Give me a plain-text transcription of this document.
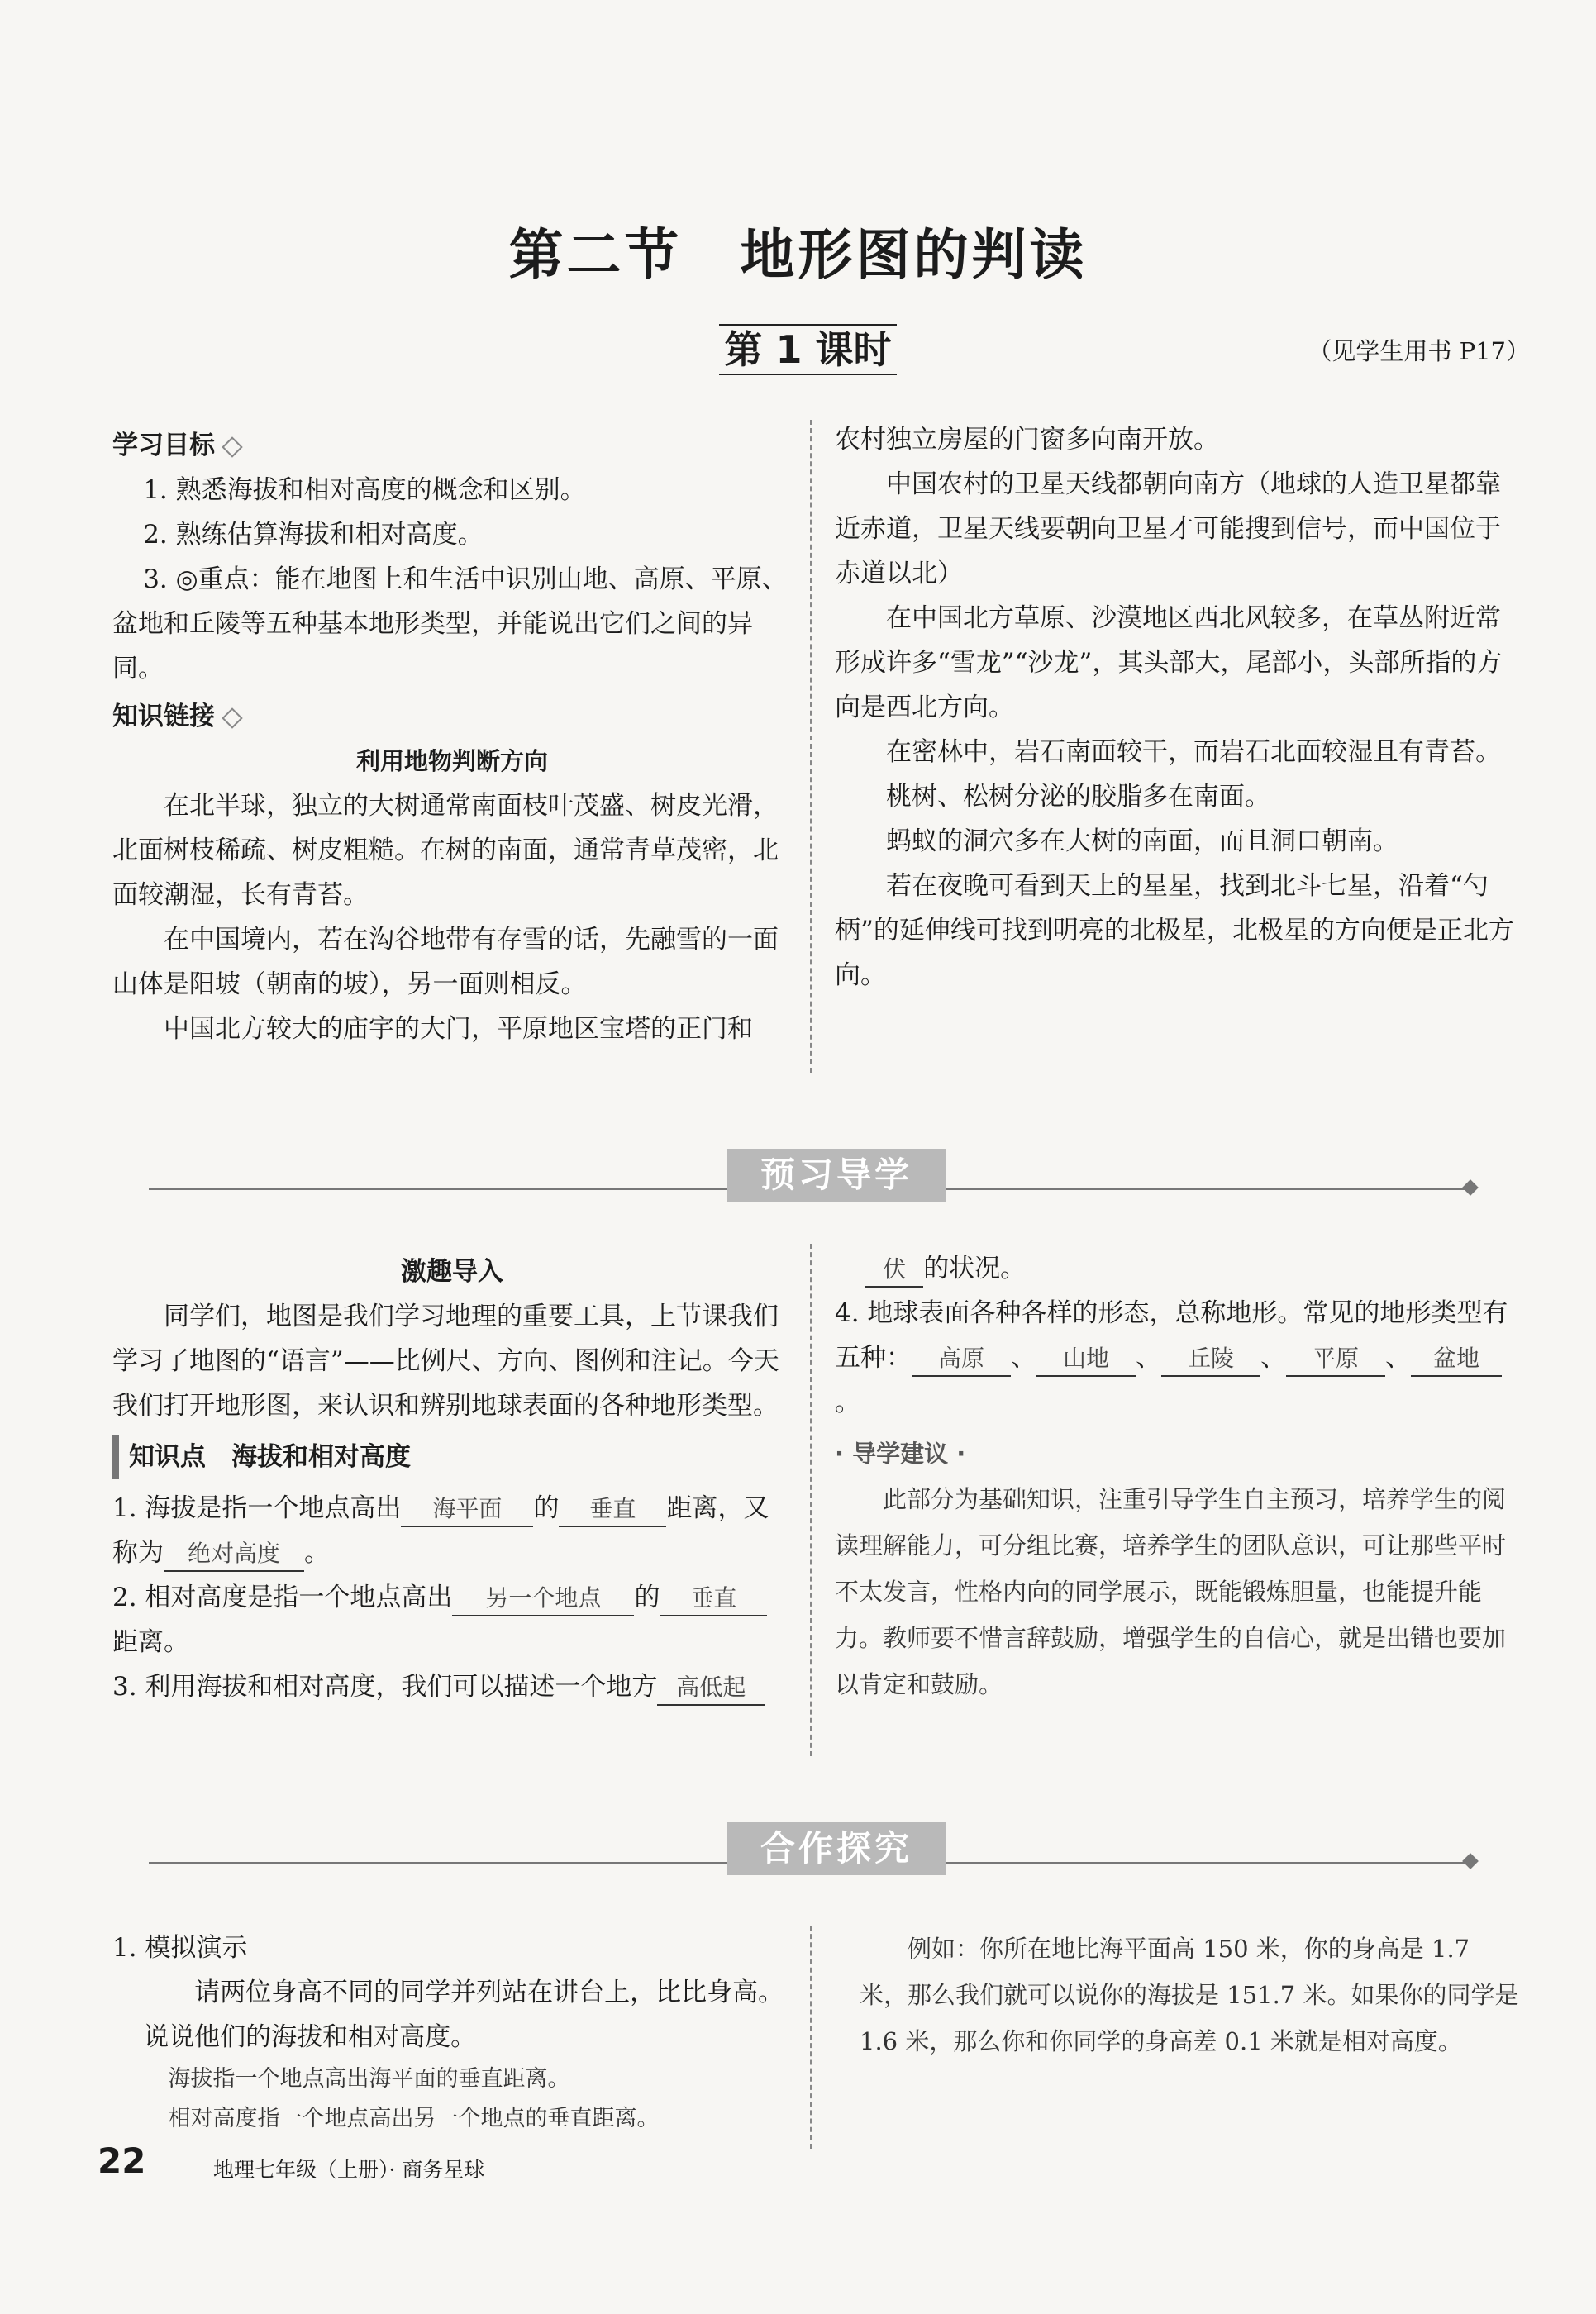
第二节　地形图的判读
第 1 课时	（见学生用书 P17）
学习目标

1. 熟悉海拔和相对高度的概念和区别。

2. 熟练估算海拔和相对高度。

3. ◎重点：能在地图上和生活中识别山地、高原、平原、盆地和丘陵等五种基本地形类型，并能说出它们之间的异同。

知识链接
利用地物判断方向

在北半球，独立的大树通常南面枝叶茂盛、树皮光滑，北面树枝稀疏、树皮粗糙。在树的南面，通常青草茂密，北面较潮湿，长有青苔。

在中国境内，若在沟谷地带有存雪的话，先融雪的一面山体是阳坡（朝南的坡），另一面则相反。

中国北方较大的庙宇的大门，平原地区宝塔的正门和

农村独立房屋的门窗多向南开放。

中国农村的卫星天线都朝向南方（地球的人造卫星都靠近赤道，卫星天线要朝向卫星才可能搜到信号，而中国位于赤道以北）

在中国北方草原、沙漠地区西北风较多，在草丛附近常形成许多“雪龙”“沙龙”，其头部大，尾部小，头部所指的方向是西北方向。

在密林中，岩石南面较干，而岩石北面较湿且有青苔。

桃树、松树分泌的胶脂多在南面。

蚂蚁的洞穴多在大树的南面，而且洞口朝南。

若在夜晚可看到天上的星星，找到北斗七星，沿着“勺柄”的延伸线可找到明亮的北极星，北极星的方向便是正北方向。

预习导学
激趣导入

同学们，地图是我们学习地理的重要工具，上节课我们学习了地图的“语言”——比例尺、方向、图例和注记。今天我们打开地形图，来认识和辨别地球表面的各种地形类型。

知识点　 海拔和相对高度

1. 海拔是指一个地点高出 海平面 的 垂直 距离，又称为 绝对高度 。

2. 相对高度是指一个地点高出 另一个地点 的 垂直距离。

3. 利用海拔和相对高度，我们可以描述一个地方 高低起

伏 的状况。

4. 地球表面各种各样的形态，总称地形。常见的地形类型有五种： 高原 、 山地 、 丘陵 、 平原 、 盆地。

· 导学建议 ·

此部分为基础知识，注重引导学生自主预习，培养学生的阅读理解能力，可分组比赛，培养学生的团队意识，可让那些平时不太发言，性格内向的同学展示，既能锻炼胆量，也能提升能力。教师要不惜言辞鼓励，增强学生的自信心，就是出错也要加以肯定和鼓励。

合作探究

1. 模拟演示

请两位身高不同的同学并列站在讲台上，比比身高。说说他们的海拔和相对高度。

海拔指一个地点高出海平面的垂直距离。

相对高度指一个地点高出另一个地点的垂直距离。

例如：你所在地比海平面高 150 米，你的身高是 1.7 米，那么我们就可以说你的海拔是 151.7 米。如果你的同学是 1.6 米，那么你和你同学的身高差 0.1 米就是相对高度。

22	地理七年级（上册）· 商务星球
